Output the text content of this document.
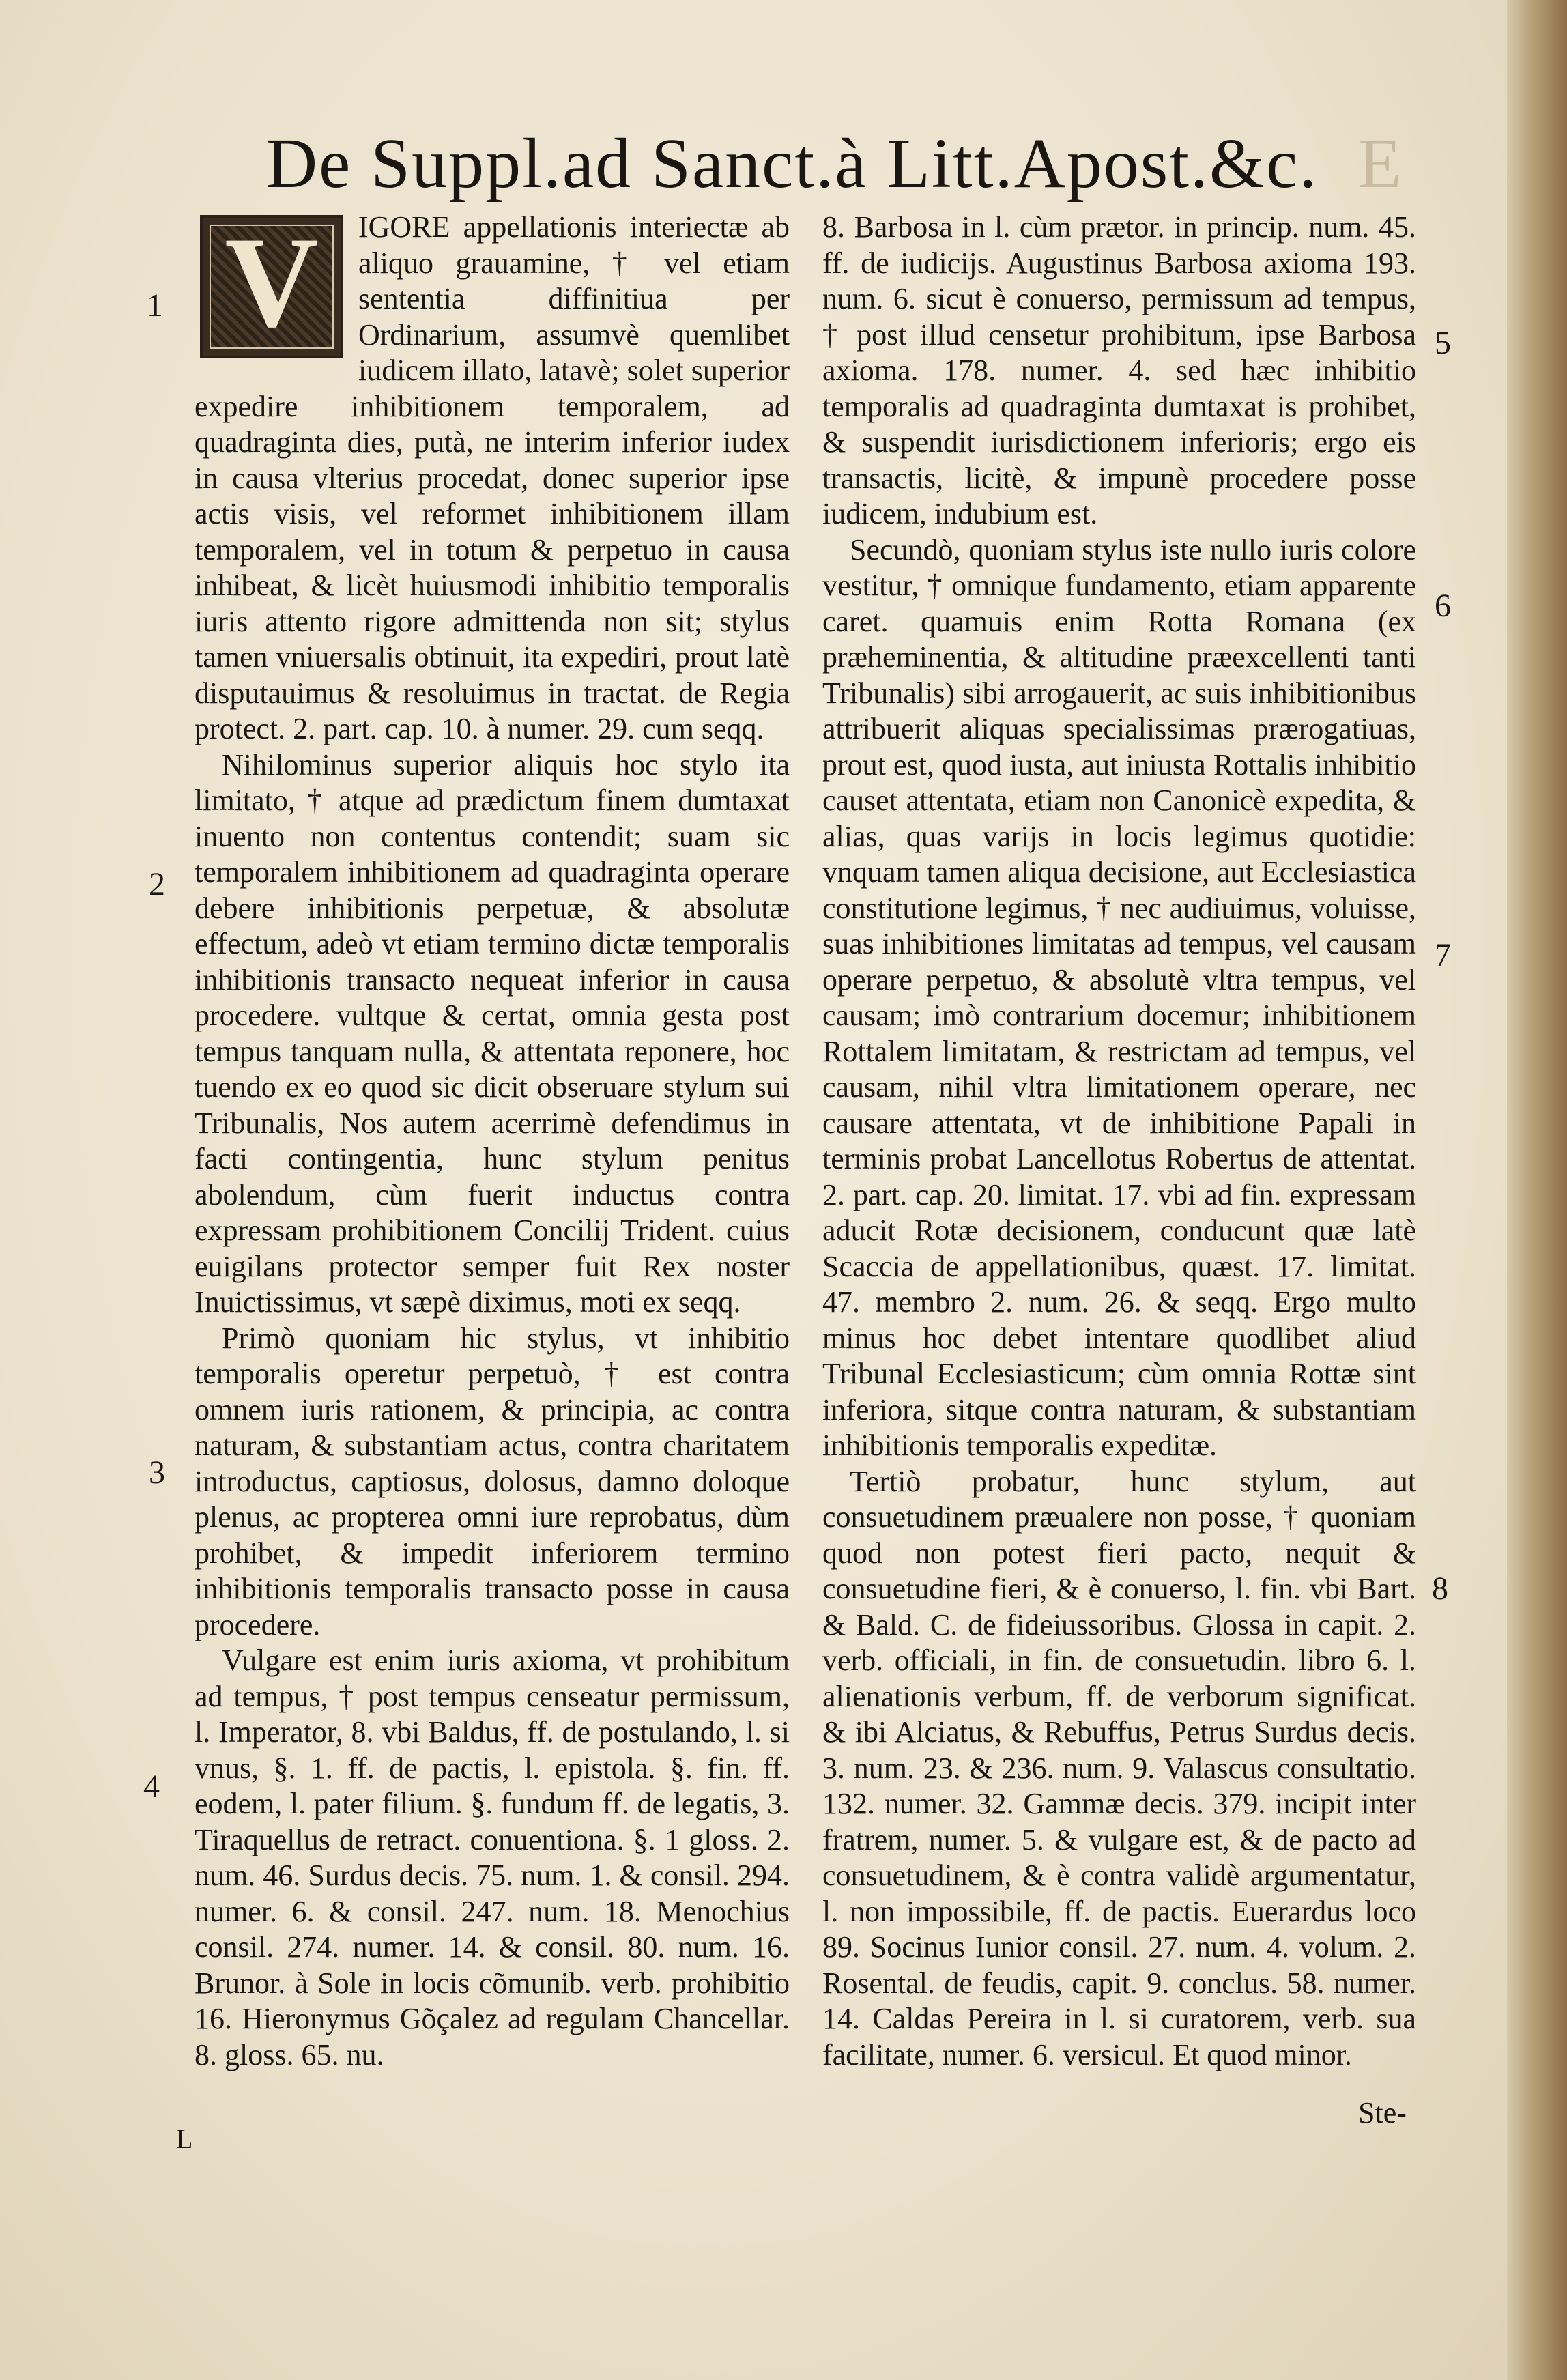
De Suppl.ad Sanct.à Litt.Apost.&c. E
V	IGORE appellationis interiectæ ab aliquo grauamine, † vel etiam sententia diffinitiua per Ordinarium, assumvè quemlibet iudicem illato, latavè; solet superior expedire inhibitionem temporalem, ad quadraginta dies, putà, ne interim inferior iudex in causa vlterius procedat, donec superior ipse actis visis, vel reformet inhibitionem illam temporalem, vel in totum & perpetuo in causa inhibeat, & licèt huiusmodi inhibitio temporalis iuris attento rigore admittenda non sit; stylus tamen vniuersalis obtinuit, ita expediri, prout latè disputauimus & resoluimus in tractat. de Regia protect. 2. part. cap. 10. à numer. 29. cum seqq.

Nihilominus superior aliquis hoc stylo ita limitato, † atque ad prædictum finem dumtaxat inuento non contentus contendit; suam sic temporalem inhibitionem ad quadraginta operare debere inhibitionis perpetuæ, & absolutæ effectum, adeò vt etiam termino dictæ temporalis inhibitionis transacto nequeat inferior in causa procedere. vultque & certat, omnia gesta post tempus tanquam nulla, & attentata reponere, hoc tuendo ex eo quod sic dicit obseruare stylum sui Tribunalis, Nos autem acerrimè defendimus in facti contingentia, hunc stylum penitus abolendum, cùm fuerit inductus contra expressam prohibitionem Concilij Trident. cuius euigilans protector semper fuit Rex noster Inuictissimus, vt sæpè diximus, moti ex seqq.

Primò quoniam hic stylus, vt inhibitio temporalis operetur perpetuò, † est contra omnem iuris rationem, & principia, ac contra naturam, & substantiam actus, contra charitatem introductus, captiosus, dolosus, damno doloque plenus, ac propterea omni iure reprobatus, dùm prohibet, & impedit inferiorem termino inhibitionis temporalis transacto posse in causa procedere.

Vulgare est enim iuris axioma, vt prohibitum ad tempus, † post tempus censeatur permissum, l. Imperator, 8. vbi Baldus, ff. de postulando, l. si vnus, §. 1. ff. de pactis, l. epistola. §. fin. ff. eodem, l. pater filium. §. fundum ff. de legatis, 3. Tiraquellus de retract. conuentiona. §. 1 gloss. 2. num. 46. Surdus decis. 75. num. 1. & consil. 294. numer. 6. & consil. 247. num. 18. Menochius consil. 274. numer. 14. & consil. 80. num. 16. Brunor. à Sole in locis cõmunib. verb. prohibitio 16. Hieronymus Gõçalez ad regulam Chancellar. 8. gloss. 65. nu.

8. Barbosa in l. cùm prætor. in princip. num. 45. ff. de iudicijs. Augustinus Barbosa axioma 193. num. 6. sicut è conuerso, permissum ad tempus, † post illud censetur prohibitum, ipse Barbosa axioma. 178. numer. 4. sed hæc inhibitio temporalis ad quadraginta dumtaxat is prohibet, & suspendit iurisdictionem inferioris; ergo eis transactis, licitè, & impunè procedere posse iudicem, indubium est.

Secundò, quoniam stylus iste nullo iuris colore vestitur, † omnique fundamento, etiam apparente caret. quamuis enim Rotta Romana (ex præheminentia, & altitudine præexcellenti tanti Tribunalis) sibi arrogauerit, ac suis inhibitionibus attribuerit aliquas specialissimas prærogatiuas, prout est, quod iusta, aut iniusta Rottalis inhibitio causet attentata, etiam non Canonicè expedita, & alias, quas varijs in locis legimus quotidie: vnquam tamen aliqua decisione, aut Ecclesiastica constitutione legimus, † nec audiuimus, voluisse, suas inhibitiones limitatas ad tempus, vel causam operare perpetuo, & absolutè vltra tempus, vel causam; imò contrarium docemur; inhibitionem Rottalem limitatam, & restrictam ad tempus, vel causam, nihil vltra limitationem operare, nec causare attentata, vt de inhibitione Papali in terminis probat Lancellotus Robertus de attentat. 2. part. cap. 20. limitat. 17. vbi ad fin. expressam aducit Rotæ decisionem, conducunt quæ latè Scaccia de appellationibus, quæst. 17. limitat. 47. membro 2. num. 26. & seqq. Ergo multo minus hoc debet intentare quodlibet aliud Tribunal Ecclesiasticum; cùm omnia Rottæ sint inferiora, sitque contra naturam, & substantiam inhibitionis temporalis expeditæ.

Tertiò probatur, hunc stylum, aut consuetudinem præualere non posse, † quoniam quod non potest fieri pacto, nequit & consuetudine fieri, & è conuerso, l. fin. vbi Bart. & Bald. C. de fideiussoribus. Glossa in capit. 2. verb. officiali, in fin. de consuetudin. libro 6. l. alienationis verbum, ff. de verborum significat. & ibi Alciatus, & Rebuffus, Petrus Surdus decis. 3. num. 23. & 236. num. 9. Valascus consultatio. 132. numer. 32. Gammæ decis. 379. incipit inter fratrem, numer. 5. & vulgare est, & de pacto ad consuetudinem, & è contra validè argumentatur, l. non impossibile, ff. de pactis. Euerardus loco 89. Socinus Iunior consil. 27. num. 4. volum. 2. Rosental. de feudis, capit. 9. conclus. 58. numer. 14. Caldas Pereira in l. si curatorem, verb. sua facilitate, numer. 6. versicul. Et quod minor.

1
2
3
4
5
6
7
8
Ste-
L
